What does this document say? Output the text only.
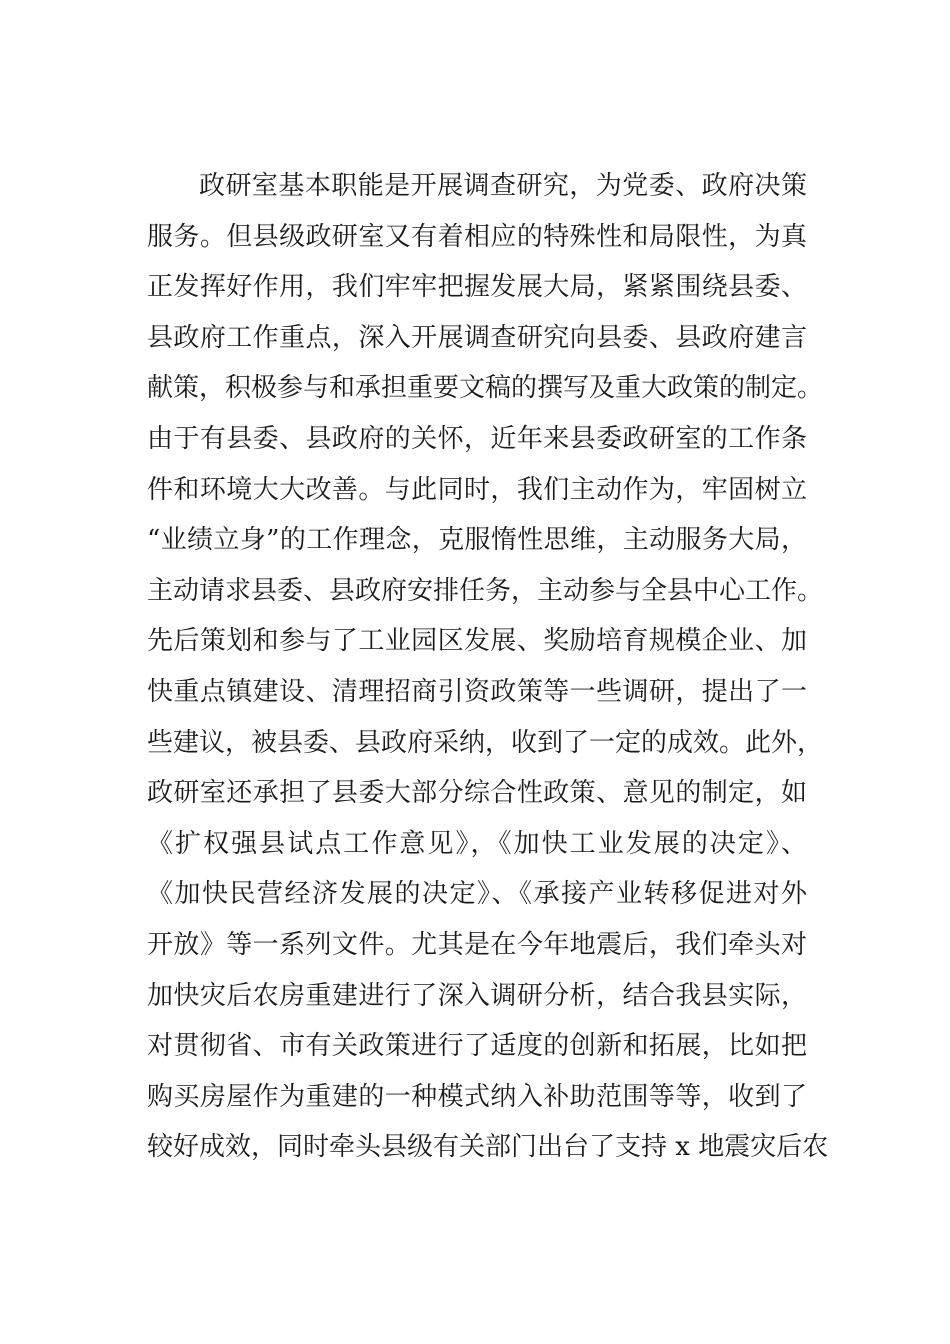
政研室基本职能是开展调查研究，为党委、政府决策
服务。但县级政研室又有着相应的特殊性和局限性，为真
正发挥好作用，我们牢牢把握发展大局，紧紧围绕县委、
县政府工作重点，深入开展调查研究向县委、县政府建言
献策，积极参与和承担重要文稿的撰写及重大政策的制定。
由于有县委、县政府的关怀，近年来县委政研室的工作条
件和环境大大改善。与此同时，我们主动作为，牢固树立
“业绩立身”的工作理念，克服惰性思维，主动服务大局，
主动请求县委、县政府安排任务，主动参与全县中心工作。
先后策划和参与了工业园区发展、奖励培育规模企业、加
快重点镇建设、清理招商引资政策等一些调研，提出了一
些建议，被县委、县政府采纳，收到了一定的成效。此外，
政研室还承担了县委大部分综合性政策、意见的制定，如
《扩权强县试点工作意见》，《加快工业发展的决定》、
《加快民营经济发展的决定》、《承接产业转移促进对外
开放》等一系列文件。尤其是在今年地震后，我们牵头对
加快灾后农房重建进行了深入调研分析，结合我县实际，
对贯彻省、市有关政策进行了适度的创新和拓展，比如把
购买房屋作为重建的一种模式纳入补助范围等等，收到了
较好成效，同时牵头县级有关部门出台了支持 x 地震灾后农
